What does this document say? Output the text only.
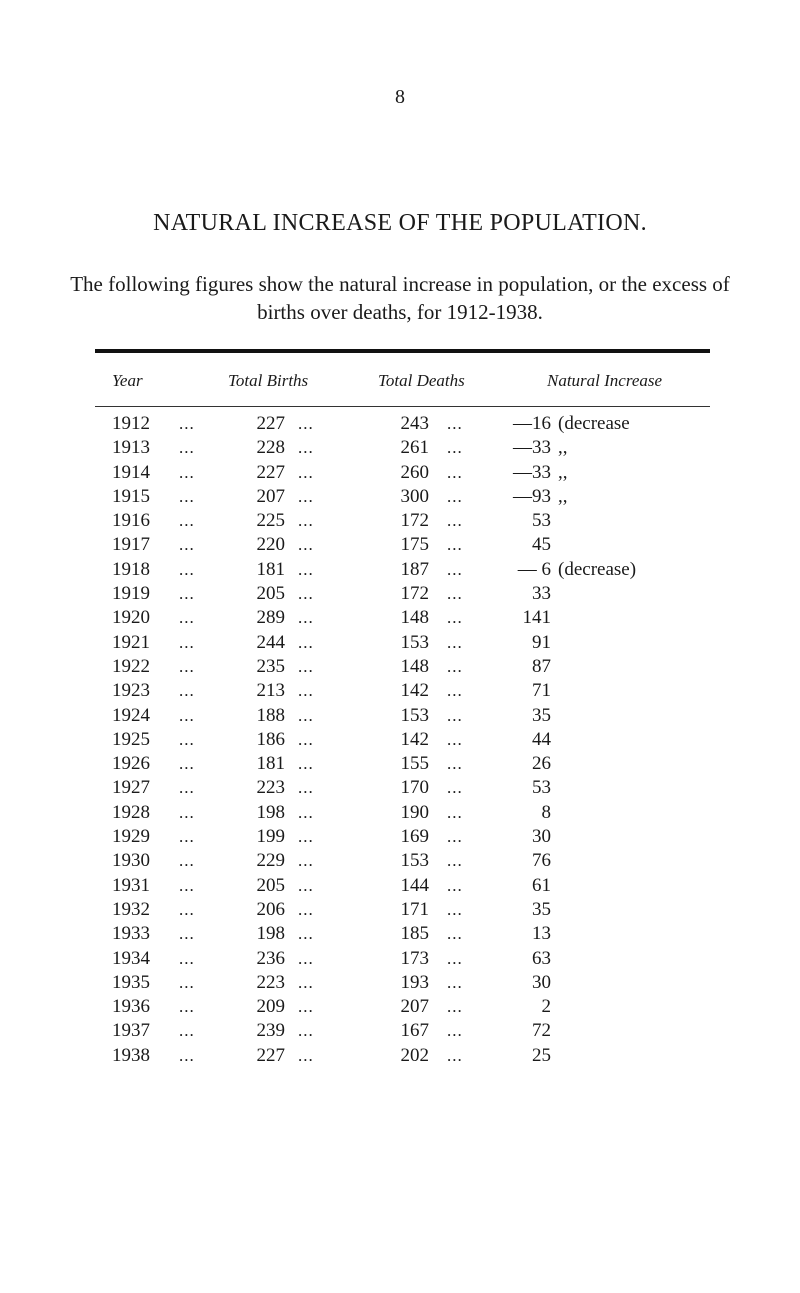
8
NATURAL INCREASE OF THE POPULATION.
The following figures show the natural increase in population, or the excess of births over deaths, for 1912-1938.
Year	Total Births	Total Deaths	Natural Increase
1912 ...	227 ...	243 ...	—16 (decrease
1913 ...	228 ...	261 ...	—33 ,,
1914 ...	227 ...	260 ...	—33 ,,
1915 ...	207 ...	300 ...	—93 ,,
1916 ...	225 ...	172 ...	53
1917 ...	220 ...	175 ...	45
1918 ...	181 ...	187 ...	— 6 (decrease)
1919 ...	205 ...	172 ...	33
1920 ...	289 ...	148 ...	141
1921 ...	244 ...	153 ...	91
1922 ...	235 ...	148 ...	87
1923 ...	213 ...	142 ...	71
1924 ...	188 ...	153 ...	35
1925 ...	186 ...	142 ...	44
1926 ...	181 ...	155 ...	26
1927 ...	223 ...	170 ...	53
1928 ...	198 ...	190 ...	8
1929 ...	199 ...	169 ...	30
1930 ...	229 ...	153 ...	76
1931 ...	205 ...	144 ...	61
1932 ...	206 ...	171 ...	35
1933 ...	198 ...	185 ...	13
1934 ...	236 ...	173 ...	63
1935 ...	223 ...	193 ...	30
1936 ...	209 ...	207 ...	2
1937 ...	239 ...	167 ...	72
1938 ...	227 ...	202 ...	25
